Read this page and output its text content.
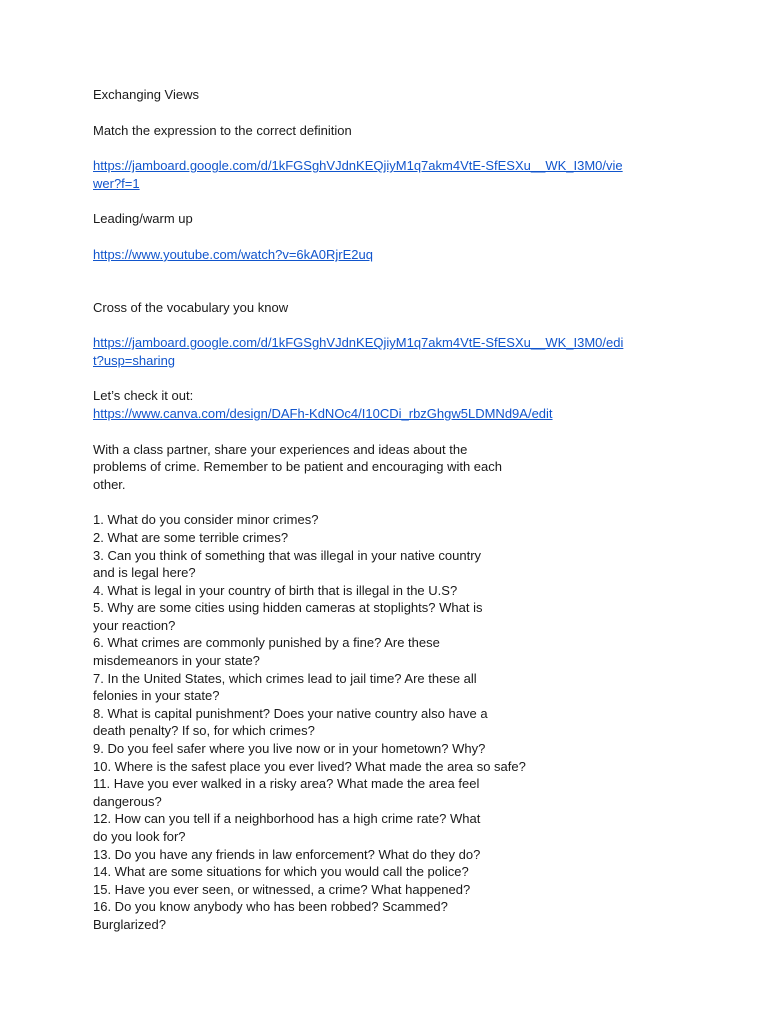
Exchanging Views

Match the expression to the correct definition

https://jamboard.google.com/d/1kFGSghVJdnKEQjiyM1q7akm4VtE-SfESXu__WK_I3M0/vie
wer?f=1

Leading/warm up

https://www.youtube.com/watch?v=6kA0RjrE2uq

Cross of the vocabulary you know

https://jamboard.google.com/d/1kFGSghVJdnKEQjiyM1q7akm4VtE-SfESXu__WK_I3M0/edi
t?usp=sharing

Let’s check it out:

https://www.canva.com/design/DAFh-KdNOc4/I10CDi_rbzGhgw5LDMNd9A/edit

With a class partner, share your experiences and ideas about the

problems of crime. Remember to be patient and encouraging with each

other.

1. What do you consider minor crimes?

2. What are some terrible crimes?

3. Can you think of something that was illegal in your native country

and is legal here?

4. What is legal in your country of birth that is illegal in the U.S?

5. Why are some cities using hidden cameras at stoplights? What is

your reaction?

6. What crimes are commonly punished by a fine? Are these

misdemeanors in your state?

7. In the United States, which crimes lead to jail time? Are these all

felonies in your state?

8. What is capital punishment? Does your native country also have a

death penalty? If so, for which crimes?

9. Do you feel safer where you live now or in your hometown? Why?

10. Where is the safest place you ever lived? What made the area so safe?

11. Have you ever walked in a risky area? What made the area feel

dangerous?

12. How can you tell if a neighborhood has a high crime rate? What

do you look for?

13. Do you have any friends in law enforcement? What do they do?

14. What are some situations for which you would call the police?

15. Have you ever seen, or witnessed, a crime? What happened?

16. Do you know anybody who has been robbed? Scammed?

Burglarized?
